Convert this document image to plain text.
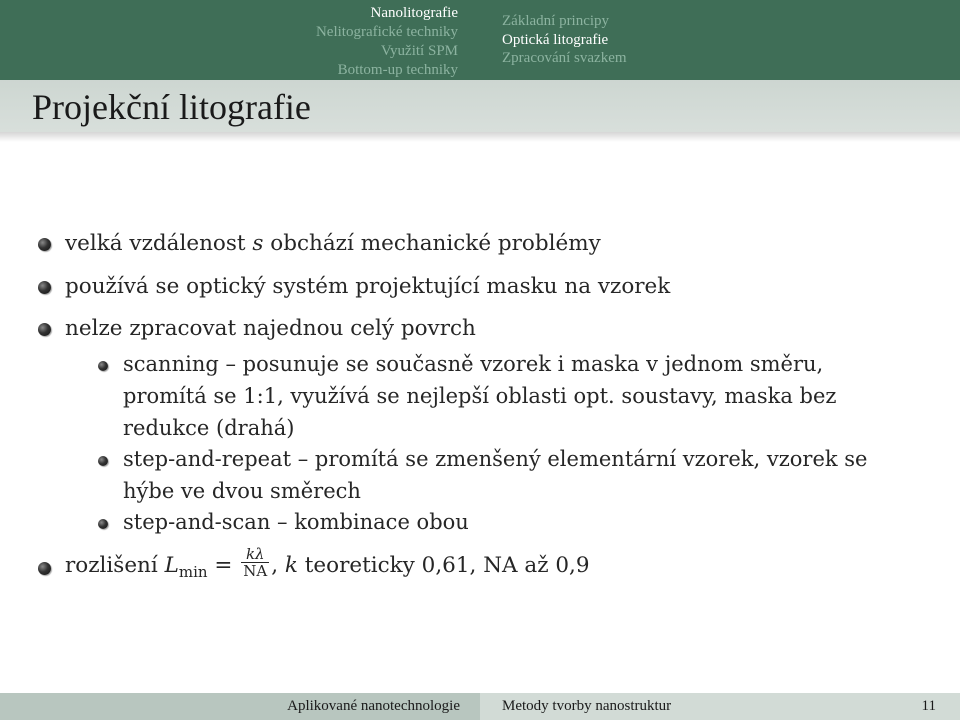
Nanolitografie
Nelitografické techniky
Využití SPM
Bottom-up techniky
Základní principy
Optická litografie
Zpracování svazkem
Projekční litografie
velká vzdálenost s obchází mechanické problémy
používá se optický systém projektující masku na vzorek
nelze zpracovat najednou celý povrch
scanning – posunuje se současně vzorek i maska v jednom směru,
promítá se 1:1, využívá se nejlepší oblasti opt. soustavy, maska bez
redukce (drahá)
step-and-repeat – promítá se zmenšený elementární vzorek, vzorek se
hýbe ve dvou směrech
step-and-scan – kombinace obou
rozlišení $L_{min} = \frac{k\lambda}{NA}$ , k teoreticky 0,61, NA až 0,9
Aplikované nanotechnologie	Metody tvorby nanostruktur	11
